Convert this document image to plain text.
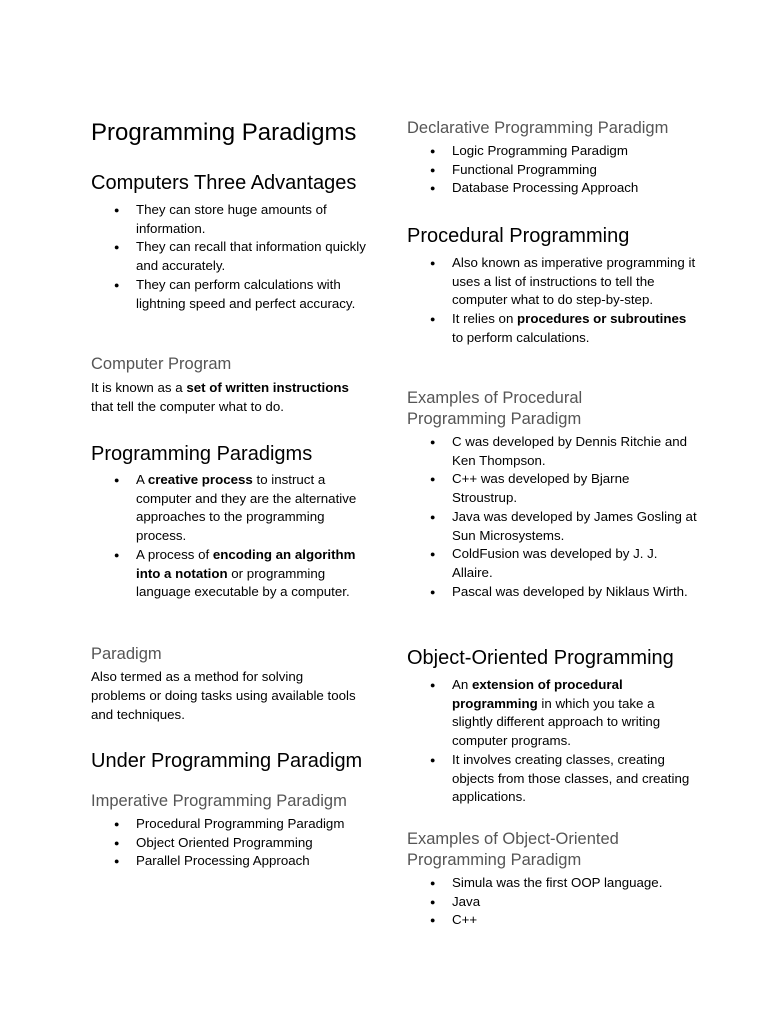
Programming Paradigms
Computers Three Advantages
● They can store huge amounts of information.
● They can recall that information quickly and accurately.
● They can perform calculations with lightning speed and perfect accuracy.
Computer Program

It is known as a set of written instructions that tell the computer what to do.

Programming Paradigms
● A creative process to instruct a computer and they are the alternative approaches to the programming process.
● A process of encoding an algorithm into a notation or programming language executable by a computer.
Paradigm

Also termed as a method for solving problems or doing tasks using available tools and techniques.

Under Programming Paradigm
Imperative Programming Paradigm
● Procedural Programming Paradigm
● Object Oriented Programming
● Parallel Processing Approach
Declarative Programming Paradigm
● Logic Programming Paradigm
● Functional Programming
● Database Processing Approach
Procedural Programming
● Also known as imperative programming it uses a list of instructions to tell the computer what to do step-by-step.
● It relies on procedures or subroutines to perform calculations.
Examples of Procedural Programming Paradigm
● C was developed by Dennis Ritchie and Ken Thompson.
● C++ was developed by Bjarne Stroustrup.
● Java was developed by James Gosling at Sun Microsystems.
● ColdFusion was developed by J. J. Allaire.
● Pascal was developed by Niklaus Wirth.
Object-Oriented Programming
● An extension of procedural programming in which you take a slightly different approach to writing computer programs.
● It involves creating classes, creating objects from those classes, and creating applications.
Examples of Object-Oriented Programming Paradigm
● Simula was the first OOP language.
● Java
● C++
